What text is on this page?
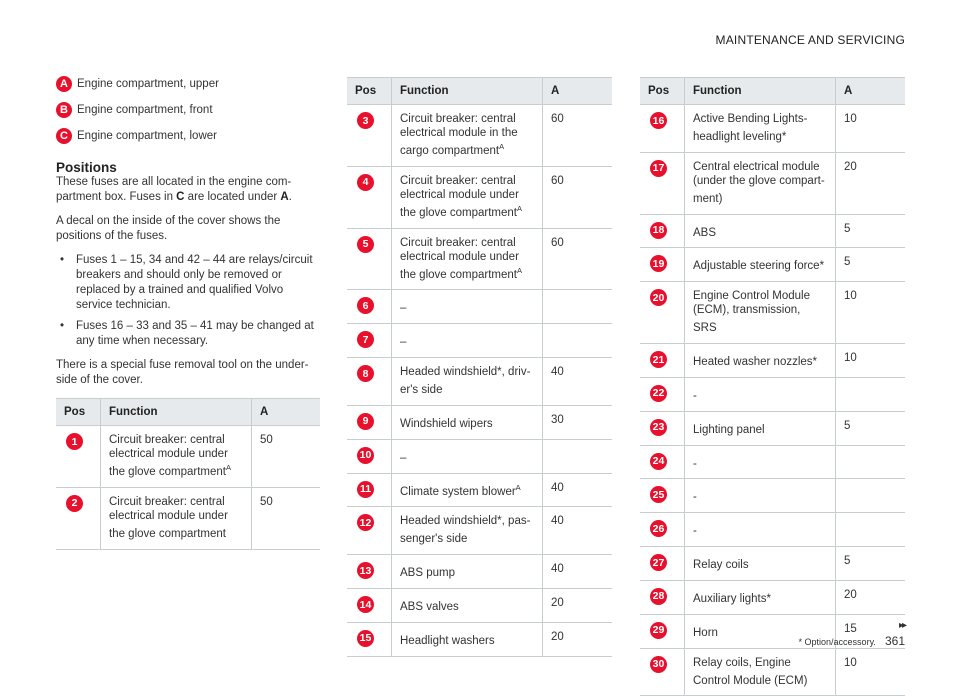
MAINTENANCE AND SERVICING
A Engine compartment, upper
B Engine compartment, front
C Engine compartment, lower
Positions

These fuses are all located in the engine com-partment box. Fuses in C are located under A.

A decal on the inside of the cover shows the positions of the fuses.

• Fuses 1 – 15, 34 and 42 – 44 are relays/circuit breakers and should only be removed or replaced by a trained and qualified Volvo service technician.
• Fuses 16 – 33 and 35 – 41 may be changed at any time when necessary.

There is a special fuse removal tool on the under-side of the cover.

Pos	Function	A
1	Circuit breaker: central electrical module under the glove compartment$^A$	50
2	Circuit breaker: central electrical module under the glove compartment	50
Pos	Function	A
3	Circuit breaker: central electrical module in the cargo compartment$^A$	60
4	Circuit breaker: central electrical module under the glove compartment$^A$	60
5	Circuit breaker: central electrical module under the glove compartment$^A$	60
6	–	
7	–	
8	Headed windshield*, driv-er's side	40
9	Windshield wipers	30
10	–	
11	Climate system blower$^A$	40
12	Headed windshield*, pas-senger's side	40
13	ABS pump	40
14	ABS valves	20
15	Headlight washers	20
Pos	Function	A
16	Active Bending Lights-headlight leveling*	10
17	Central electrical module (under the glove compart-ment)	20
18	ABS	5
19	Adjustable steering force*	5
20	Engine Control Module (ECM), transmission, SRS	10
21	Heated washer nozzles*	10
22	-	
23	Lighting panel	5
24	-	
25	-	
26	-	
27	Relay coils	5
28	Auxiliary lights*	20
29	Horn	15
30	Relay coils, Engine Control Module (ECM)	10
▸▸
* Option/accessory. 361
